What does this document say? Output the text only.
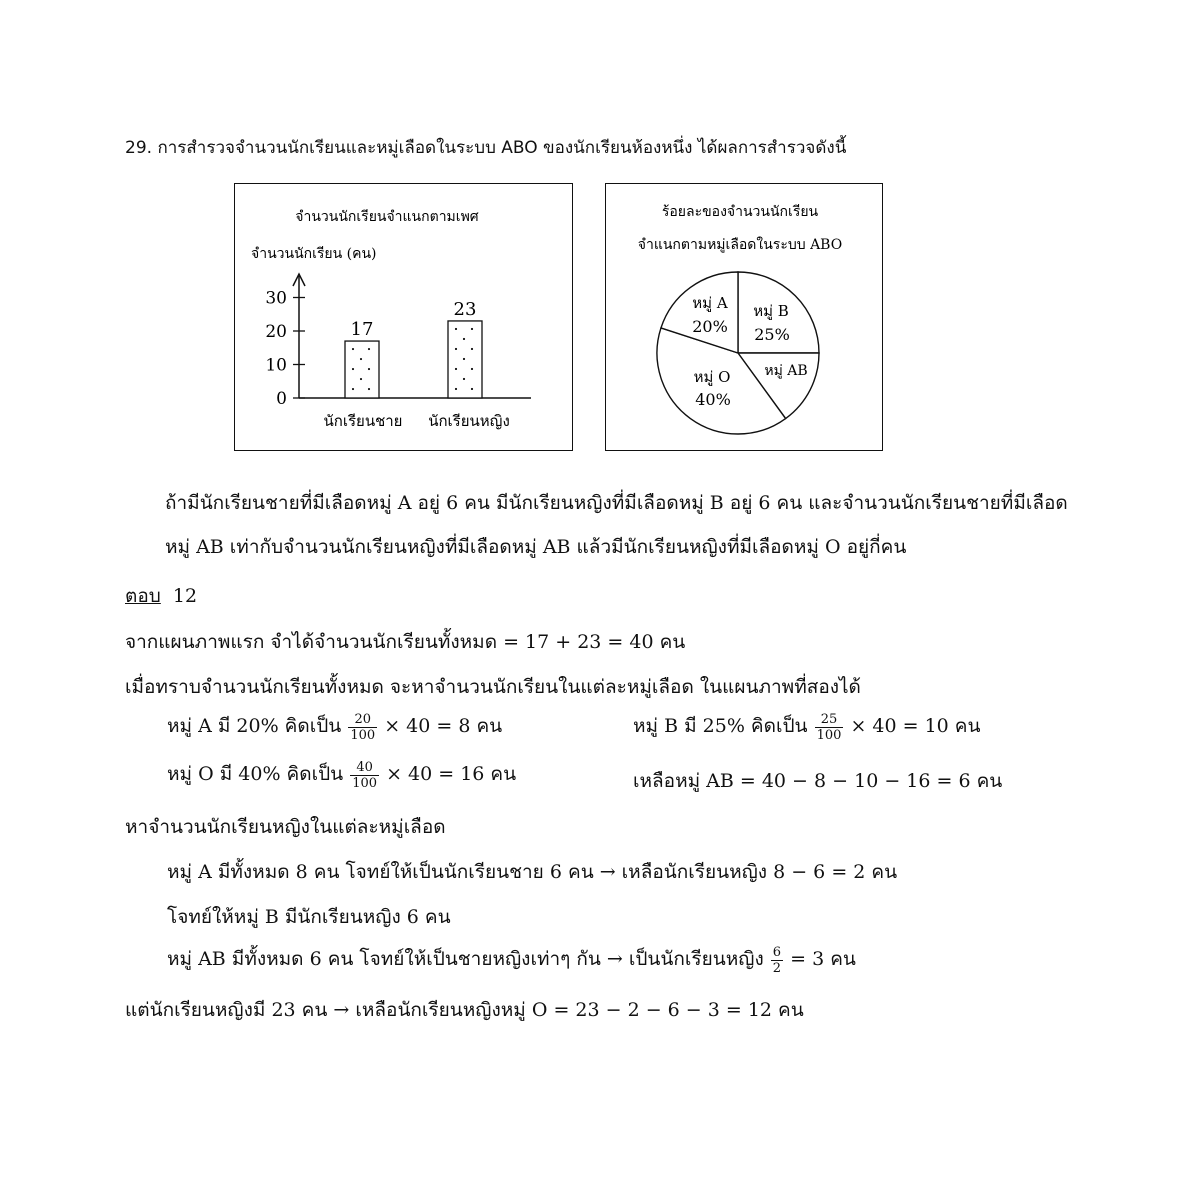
29. การสำรวจจำนวนนักเรียนและหมู่เลือดในระบบ ABO ของนักเรียนห้องหนึ่ง ได้ผลการสำรวจดังนี้
จำนวนนักเรียนจำแนกตามเพศ
จำนวนนักเรียน (คน)
0
10
20
30
17
23
นักเรียนชาย นักเรียนหญิง
ร้อยละของจำนวนนักเรียน
จำแนกตามหมู่เลือดในระบบ ABO
หมู่ A
20%
หมู่ B
25%
หมู่ AB
หมู่ O
40%
ถ้ามีนักเรียนชายที่มีเลือดหมู่ A อยู่ 6 คน มีนักเรียนหญิงที่มีเลือดหมู่ B อยู่ 6 คน และจำนวนนักเรียนชายที่มีเลือด
หมู่ AB เท่ากับจำนวนนักเรียนหญิงที่มีเลือดหมู่ AB แล้วมีนักเรียนหญิงที่มีเลือดหมู่ O อยู่กี่คน
ตอบ 12
จากแผนภาพแรก จำได้จำนวนนักเรียนทั้งหมด = 17 + 23 = 40 คน
เมื่อทราบจำนวนนักเรียนทั้งหมด จะหาจำนวนนักเรียนในแต่ละหมู่เลือด ในแผนภาพที่สองได้
หมู่ A มี 20% คิดเป็น $\frac{20}{100} \times 40 = 8$ คน	หมู่ B มี 25% คิดเป็น $\frac{25}{100} \times 40 = 10$ คน
หมู่ O มี 40% คิดเป็น $\frac{40}{100} \times 40 = 16$ คน	เหลือหมู่ AB = 40 − 8 − 10 − 16 = 6 คน
หาจำนวนนักเรียนหญิงในแต่ละหมู่เลือด
หมู่ A มีทั้งหมด 8 คน โจทย์ให้เป็นนักเรียนชาย 6 คน → เหลือนักเรียนหญิง 8 − 6 = 2 คน
โจทย์ให้หมู่ B มีนักเรียนหญิง 6 คน
หมู่ AB มีทั้งหมด 6 คน โจทย์ให้เป็นชายหญิงเท่าๆ กัน → เป็นนักเรียนหญิง $\frac{6}{2} = 3$ คน
แต่นักเรียนหญิงมี 23 คน → เหลือนักเรียนหญิงหมู่ O = 23 − 2 − 6 − 3 = 12 คน
